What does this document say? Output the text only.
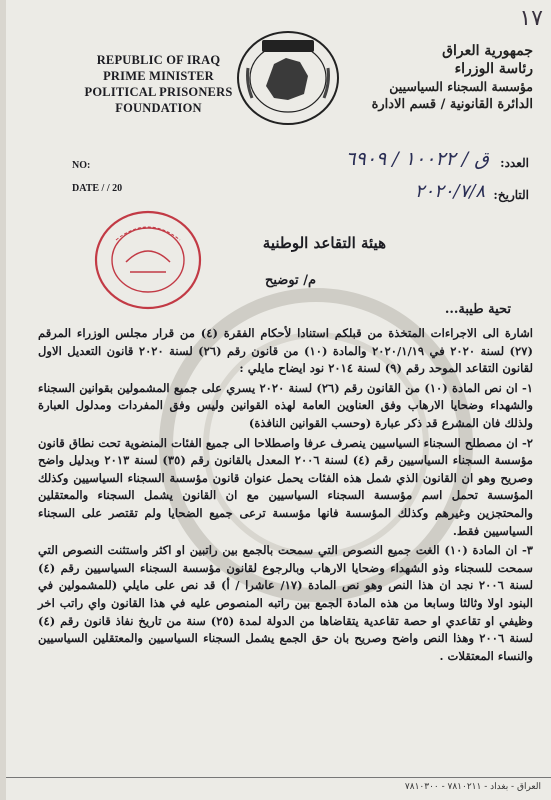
١٧
REPUBLIC OF IRAQ
PRIME MINISTER
POLITICAL PRISONERS
FOUNDATION
جمهورية العراق
رئاسة الوزراء
مؤسسة السجناء السياسيين
الدائرة القانونية / قسم الادارة
NO:
DATE / / 20
العدد:
ق / ١٠٠٢٢ / ٦٩٠٩
التاريخ:
٢٠٢٠/٧/٨
هيئة التقاعد الوطنية
م/ توضيح
تحية طيبة...

اشارة الى الاجراءات المتخذة من قبلكم استنادا لأحكام الفقرة (٤) من قرار مجلس الوزراء المرقم (٢٧) لسنة ٢٠٢٠ في ٢٠٢٠/١/١٩ والمادة (١٠) من قانون رقم (٢٦) لسنة ٢٠٢٠ قانون التعديل الاول لقانون التقاعد الموحد رقم (٩) لسنة ٢٠١٤ نود ايضاح مايلي :

١- ان نص المادة (١٠) من القانون رقم (٢٦) لسنة ٢٠٢٠ يسري على جميع المشمولين بقوانين السجناء والشهداء وضحايا الارهاب وفق العناوين العامة لهذه القوانين وليس وفق المفردات ومدلول العبارة ولذلك فان المشرع قد ذكر عبارة (وحسب القوانين النافذة)

٢- ان مصطلح السجناء السياسيين ينصرف عرفا واصطلاحا الى جميع الفئات المنضوية تحت نطاق قانون مؤسسة السجناء السياسيين رقم (٤) لسنة ٢٠٠٦ المعدل بالقانون رقم (٣٥) لسنة ٢٠١٣ وبدليل واضح وصريح وهو ان القانون الذي شمل هذه الفئات يحمل عنوان قانون مؤسسة السجناء السياسيين وكذلك المؤسسة تحمل اسم مؤسسة السجناء السياسيين مع ان القانون يشمل السجناء والمعتقلين والمحتجزين وغيرهم وكذلك المؤسسة فانها مؤسسة ترعى جميع الضحايا ولم تقتصر على السجناء السياسيين فقط.

٣- ان المادة (١٠) الغت جميع النصوص التي سمحت بالجمع بين راتبين او اكثر واستثنت النصوص التي سمحت للسجناء وذو الشهداء وضحايا الارهاب وبالرجوع لقانون مؤسسة السجناء السياسيين رقم (٤) لسنة ٢٠٠٦ نجد ان هذا النص وهو نص المادة (١٧/ عاشرا / أ) قد نص على مايلي (للمشمولين في البنود اولا وثالثا وسابعا من هذه المادة الجمع بين راتبه المنصوص عليه في هذا القانون واي راتب اخر وظيفي او تقاعدي او حصة تقاعدية يتقاضاها من الدولة لمدة (٢٥) سنة من تاريخ نفاذ قانون رقم (٤) لسنة ٢٠٠٦ وهذا النص واضح وصريح بان حق الجمع يشمل السجناء السياسيين والمعتقلين السياسيين والنساء المعتقلات .

العراق - بغداد - ٧٨١٠٢١١ - ٧٨١٠٣٠٠
